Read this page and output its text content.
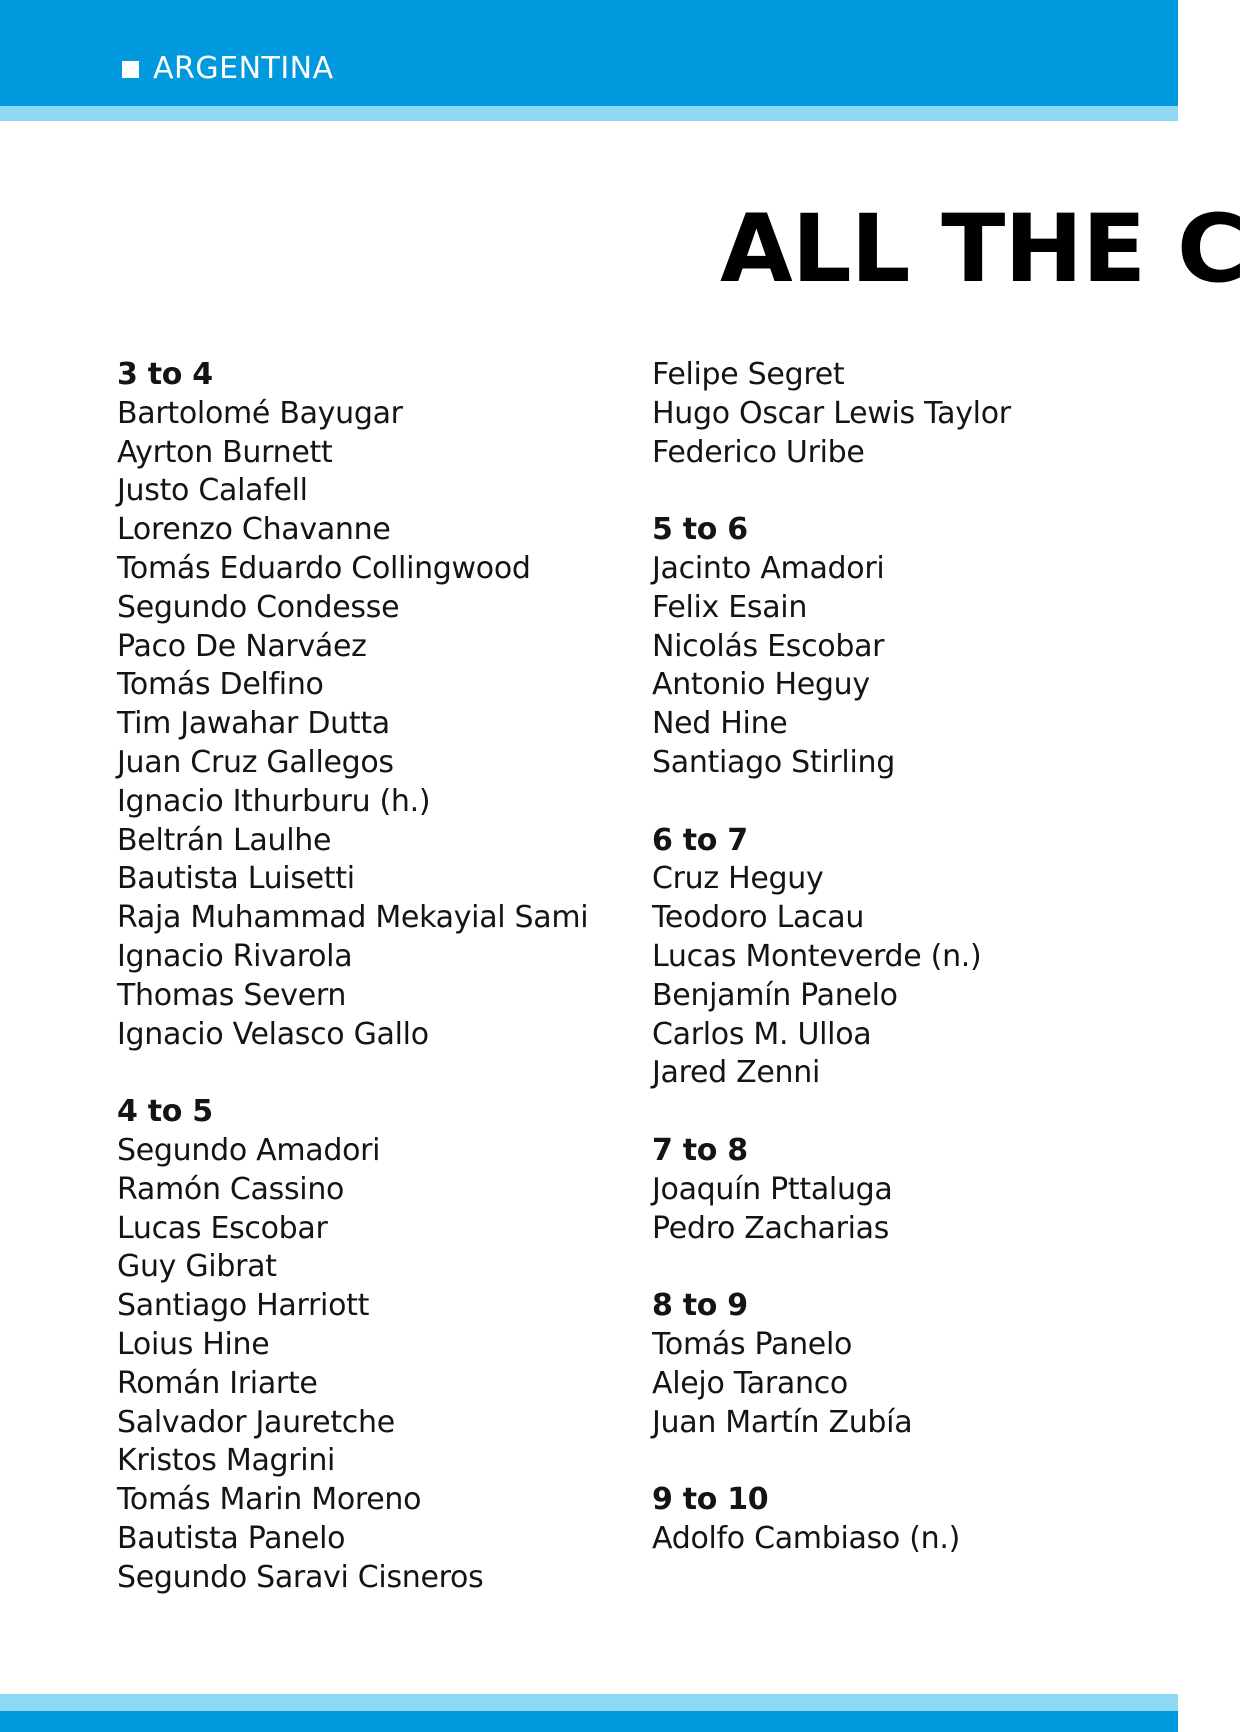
ARGENTINA
ALL THE C
3 to 4
Bartolomé Bayugar
Ayrton Burnett
Justo Calafell
Lorenzo Chavanne
Tomás Eduardo Collingwood
Segundo Condesse
Paco De Narváez
Tomás Delfino
Tim Jawahar Dutta
Juan Cruz Gallegos
Ignacio Ithurburu (h.)
Beltrán Laulhe
Bautista Luisetti
Raja Muhammad Mekayial Sami
Ignacio Rivarola
Thomas Severn
Ignacio Velasco Gallo
4 to 5
Segundo Amadori
Ramón Cassino
Lucas Escobar
Guy Gibrat
Santiago Harriott
Loius Hine
Román Iriarte
Salvador Jauretche
Kristos Magrini
Tomás Marin Moreno
Bautista Panelo
Segundo Saravi Cisneros
Felipe Segret
Hugo Oscar Lewis Taylor
Federico Uribe
5 to 6
Jacinto Amadori
Felix Esain
Nicolás Escobar
Antonio Heguy
Ned Hine
Santiago Stirling
6 to 7
Cruz Heguy
Teodoro Lacau
Lucas Monteverde (n.)
Benjamín Panelo
Carlos M. Ulloa
Jared Zenni
7 to 8
Joaquín Pttaluga
Pedro Zacharias
8 to 9
Tomás Panelo
Alejo Taranco
Juan Martín Zubía
9 to 10
Adolfo Cambiaso (n.)
